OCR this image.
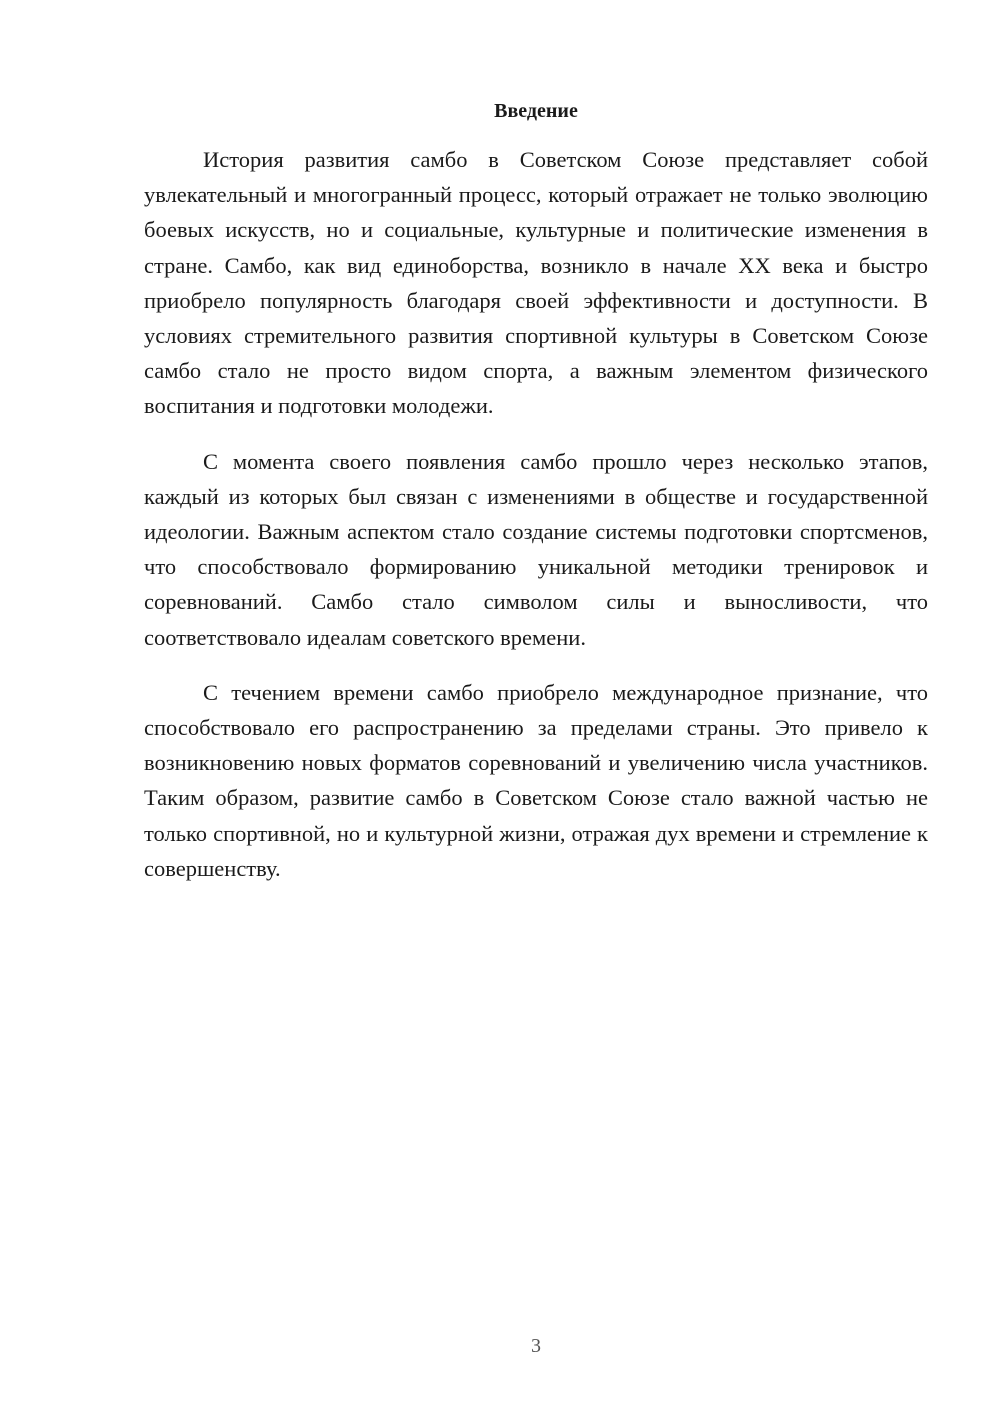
Введение

История развития самбо в Советском Союзе представляет собой увлекательный и многогранный процесс, который отражает не только эволюцию боевых искусств, но и социальные, культурные и политические изменения в стране. Самбо, как вид единоборства, возникло в начале XX века и быстро приобрело популярность благодаря своей эффективности и доступности. В условиях стремительного развития спортивной культуры в Советском Союзе самбо стало не просто видом спорта, а важным элементом физического воспитания и подготовки молодежи.

С момента своего появления самбо прошло через несколько этапов, каждый из которых был связан с изменениями в обществе и государственной идеологии. Важным аспектом стало создание системы подготовки спортсменов, что способствовало формированию уникальной методики тренировок и соревнований. Самбо стало символом силы и выносливости, что соответствовало идеалам советского времени.

С течением времени самбо приобрело международное признание, что способствовало его распространению за пределами страны. Это привело к возникновению новых форматов соревнований и увеличению числа участников. Таким образом, развитие самбо в Советском Союзе стало важной частью не только спортивной, но и культурной жизни, отражая дух времени и стремление к совершенству.

3
